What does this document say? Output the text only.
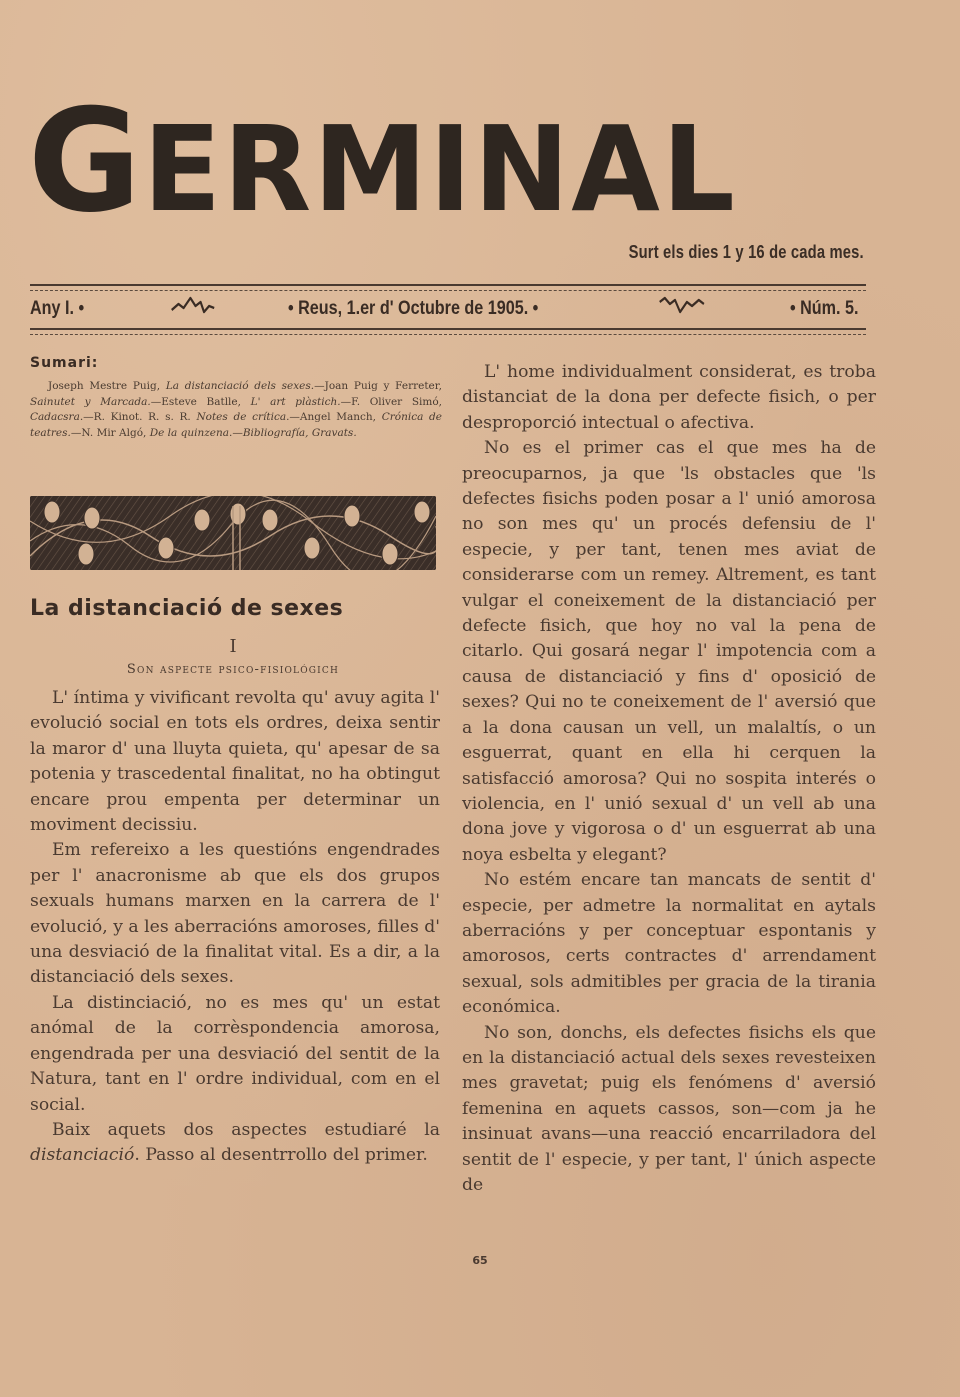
GERMINAL
Surt els dies 1 y 16 de cada mes.
Any I. •	• Reus, 1.er d' Octubre de 1905. •	• Núm. 5.
Sumari:

Joseph Mestre Puig, La distanciació dels sexes.—Joan Puig y Ferreter, Sainutet y Marcada.—Esteve Batlle, L' art plàstich.—F. Oliver Simó, Cadacsra.—R. Kinot. R. s. R. Notes de crítica.—Angel Manch, Crónica de teatres.—N. Mir Algó, De la quinzena.—Bibliografía, Gravats.

La distanciació de sexes
I
Son aspecte psico-fisiológich

L' íntima y vivificant revolta qu' avuy agita l' evolució social en tots els ordres, deixa sentir la maror d' una lluyta quieta, qu' apesar de sa potenia y trascedental finalitat, no ha obtingut encare prou empenta per determinar un moviment decissiu.

Em refereixo a les questións engendrades per l' anacronisme ab que els dos grupos sexuals humans marxen en la carrera de l' evolució, y a les aberracións amoroses, filles d' una desviació de la finalitat vital. Es a dir, a la distanciació dels sexes.

La distinciació, no es mes qu' un estat anómal de la corrèspondencia amorosa, engendrada per una desviació del sentit de la Natura, tant en l' ordre individual, com en el social.

Baix aquets dos aspectes estudiaré la distanciació. Passo al desentrrollo del primer.

L' home individualment considerat, es troba distanciat de la dona per defecte fisich, o per desproporció intectual o afectiva.

No es el primer cas el que mes ha de preocuparnos, ja que 'ls obstacles que 'ls defectes fisichs poden posar a l' unió amorosa no son mes qu' un procés defensiu de l' especie, y per tant, tenen mes aviat de considerarse com un remey. Altrement, es tant vulgar el coneixement de la distanciació per defecte fisich, que hoy no val la pena de citarlo. Qui gosará negar l' impotencia com a causa de distanciació y fins d' oposició de sexes? Qui no te coneixement de l' aversió que a la dona causan un vell, un malaltís, o un esguerrat, quant en ella hi cerquen la satisfacció amorosa? Qui no sospita interés o violencia, en l' unió sexual d' un vell ab una dona jove y vigorosa o d' un esguerrat ab una noya esbelta y elegant?

No estém encare tan mancats de sentit d' especie, per admetre la normalitat en aytals aberracións y per conceptuar espontanis y amorosos, certs contractes d' arrendament sexual, sols admitibles per gracia de la tirania económica.

No son, donchs, els defectes fisichs els que en la distanciació actual dels sexes revesteixen mes gravetat; puig els fenómens d' aversió femenina en aquets cassos, son—com ja he insinuat avans—una reacció encarriladora del sentit de l' especie, y per tant, l' únich aspecte de

65
